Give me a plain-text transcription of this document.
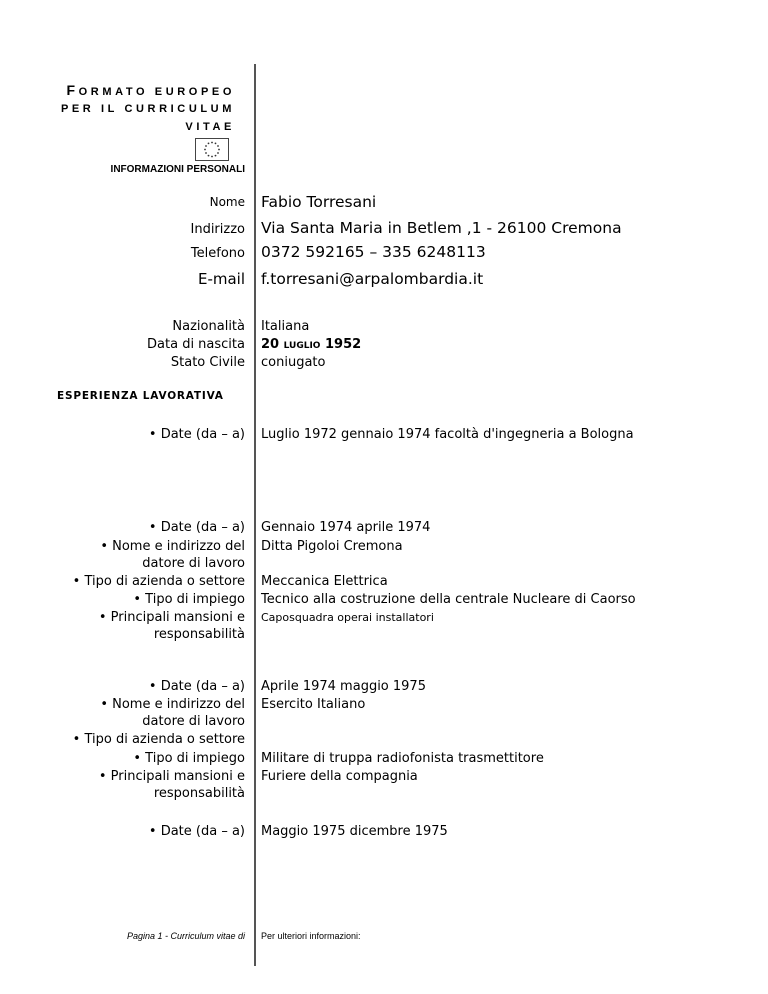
FORMATO EUROPEO
PER IL CURRICULUM
VITAE
INFORMAZIONI PERSONALI
Nome Fabio Torresani
Indirizzo Via Santa Maria in Betlem ,1 - 26100 Cremona
Telefono 0372 592165 – 335 6248113
E-mail f.torresani@arpalombardia.it
Nazionalità Italiana
Data di nascita 20 luglio 1952
Stato Civile coniugato
ESPERIENZA LAVORATIVA
• Date (da – a) Luglio 1972 gennaio 1974 facoltà d'ingegneria a Bologna
• Date (da – a) Gennaio 1974 aprile 1974
• Nome e indirizzo del Ditta Pigoloi Cremona
datore di lavoro
• Tipo di azienda o settore Meccanica Elettrica
• Tipo di impiego Tecnico alla costruzione della centrale Nucleare di Caorso
• Principali mansioni e Caposquadra operai installatori
responsabilità
• Date (da – a) Aprile 1974 maggio 1975
• Nome e indirizzo del Esercito Italiano
datore di lavoro
• Tipo di azienda o settore
• Tipo di impiego Militare di truppa radiofonista trasmettitore
• Principali mansioni e Furiere della compagnia
responsabilità
• Date (da – a) Maggio 1975 dicembre 1975
Pagina 1 - Curriculum vitae di Per ulteriori informazioni:
